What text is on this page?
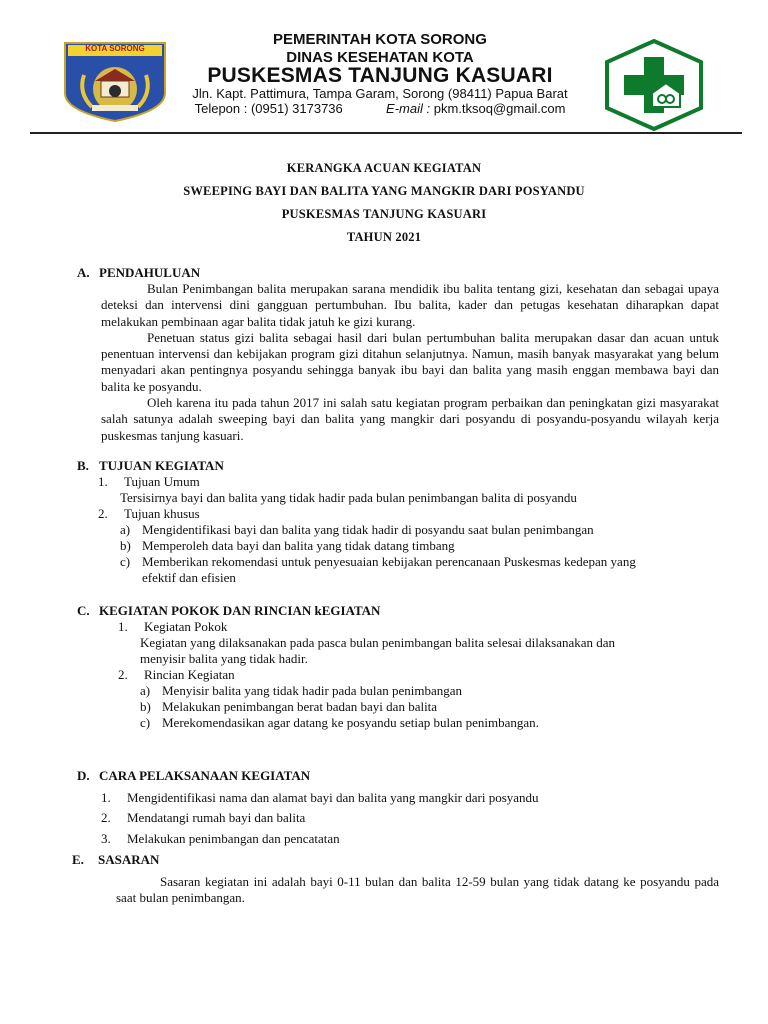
KOTA SORONG
PEMERINTAH KOTA SORONG
DINAS KESEHATAN KOTA
PUSKESMAS TANJUNG KASUARI
Jln. Kapt. Pattimura, Tampa Garam, Sorong (98411) Papua Barat
Telepon : (0951) 3173736	E-mail : pkm.tksoq@gmail.com
KERANGKA ACUAN KEGIATAN
SWEEPING BAYI DAN BALITA YANG MANGKIR DARI POSYANDU
PUSKESMAS TANJUNG KASUARI
TAHUN 2021
A. PENDAHULUAN

Bulan Penimbangan balita merupakan sarana mendidik ibu balita tentang gizi, kesehatan dan sebagai upaya deteksi dan intervensi dini gangguan pertumbuhan. Ibu balita, kader dan petugas kesehatan diharapkan dapat melakukan pembinaan agar balita tidak jatuh ke gizi kurang.

Penetuan status gizi balita sebagai hasil dari bulan pertumbuhan balita merupakan dasar dan acuan untuk penentuan intervensi dan kebijakan program gizi ditahun selanjutnya. Namun, masih banyak masyarakat yang belum menyadari akan pentingnya posyandu sehingga banyak ibu bayi dan balita yang masih enggan membawa bayi dan balita ke posyandu.

Oleh karena itu pada tahun 2017 ini salah satu kegiatan program perbaikan dan peningkatan gizi masyarakat salah satunya adalah sweeping bayi dan balita yang mangkir dari posyandu di posyandu-posyandu wilayah kerja puskesmas tanjung kasuari.

B. TUJUAN KEGIATAN
1. Tujuan Umum
Tersisirnya bayi dan balita yang tidak hadir pada bulan penimbangan balita di posyandu
2. Tujuan khusus
a) Mengidentifikasi bayi dan balita yang tidak hadir di posyandu saat bulan penimbangan
b) Memperoleh data bayi dan balita yang tidak datang timbang
c) Memberikan rekomendasi untuk penyesuaian kebijakan perencanaan Puskesmas kedepan yang
efektif dan efisien
C. KEGIATAN POKOK DAN RINCIAN kEGIATAN
1. Kegiatan Pokok
Kegiatan yang dilaksanakan pada pasca bulan penimbangan balita selesai dilaksanakan dan
menyisir balita yang tidak hadir.
2. Rincian Kegiatan
a) Menyisir balita yang tidak hadir pada bulan penimbangan
b) Melakukan penimbangan berat badan bayi dan balita
c) Merekomendasikan agar datang ke posyandu setiap bulan penimbangan.
D. CARA PELAKSANAAN KEGIATAN
1. Mengidentifikasi nama dan alamat bayi dan balita yang mangkir dari posyandu
2. Mendatangi rumah bayi dan balita
3. Melakukan penimbangan dan pencatatan
E. SASARAN

Sasaran kegiatan ini adalah bayi 0-11 bulan dan balita 12-59 bulan yang tidak datang ke posyandu pada saat bulan penimbangan.
